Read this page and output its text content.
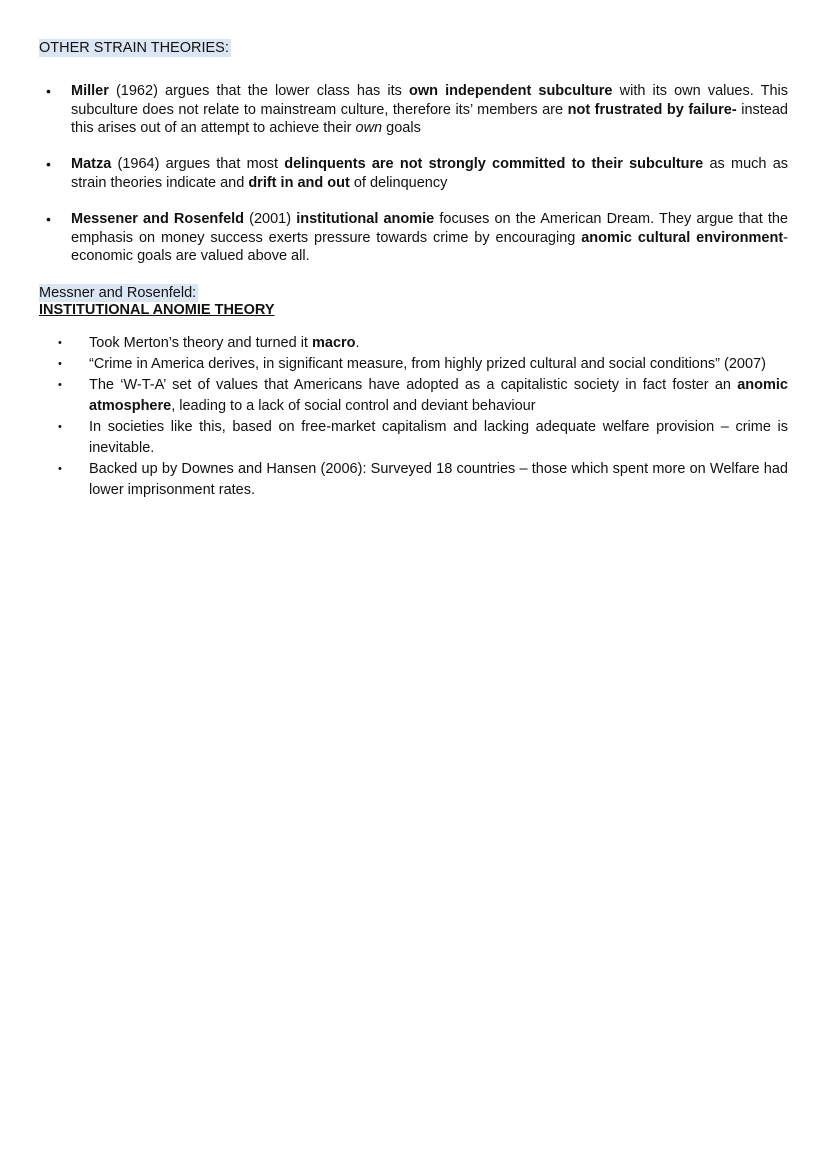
OTHER STRAIN THEORIES:
• Miller (1962) argues that the lower class has its own independent subculture with its own values. This subculture does not relate to mainstream culture, therefore its’ members are not frustrated by failure- instead this arises out of an attempt to achieve their own goals
• Matza (1964) argues that most delinquents are not strongly committed to their subculture as much as strain theories indicate and drift in and out of delinquency
• Messener and Rosenfeld (2001) institutional anomie focuses on the American Dream. They argue that the emphasis on money success exerts pressure towards crime by encouraging anomic cultural environment- economic goals are valued above all.
Messner and Rosenfeld:
INSTITUTIONAL ANOMIE THEORY
• Took Merton’s theory and turned it macro.
• “Crime in America derives, in significant measure, from highly prized cultural and social conditions” (2007)
• The ‘W-T-A’ set of values that Americans have adopted as a capitalistic society in fact foster an anomic atmosphere, leading to a lack of social control and deviant behaviour
• In societies like this, based on free-market capitalism and lacking adequate welfare provision – crime is inevitable.
• Backed up by Downes and Hansen (2006): Surveyed 18 countries – those which spent more on Welfare had lower imprisonment rates.
